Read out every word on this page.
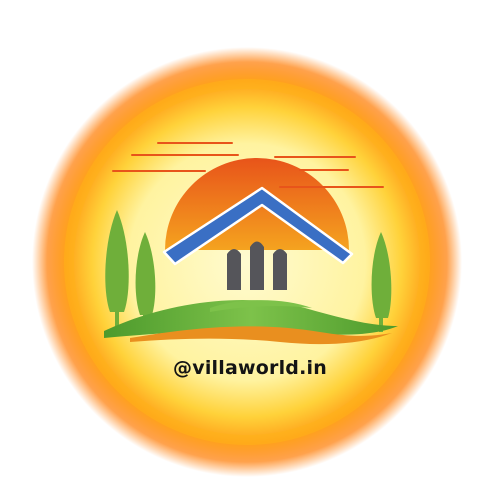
@villaworld.in
